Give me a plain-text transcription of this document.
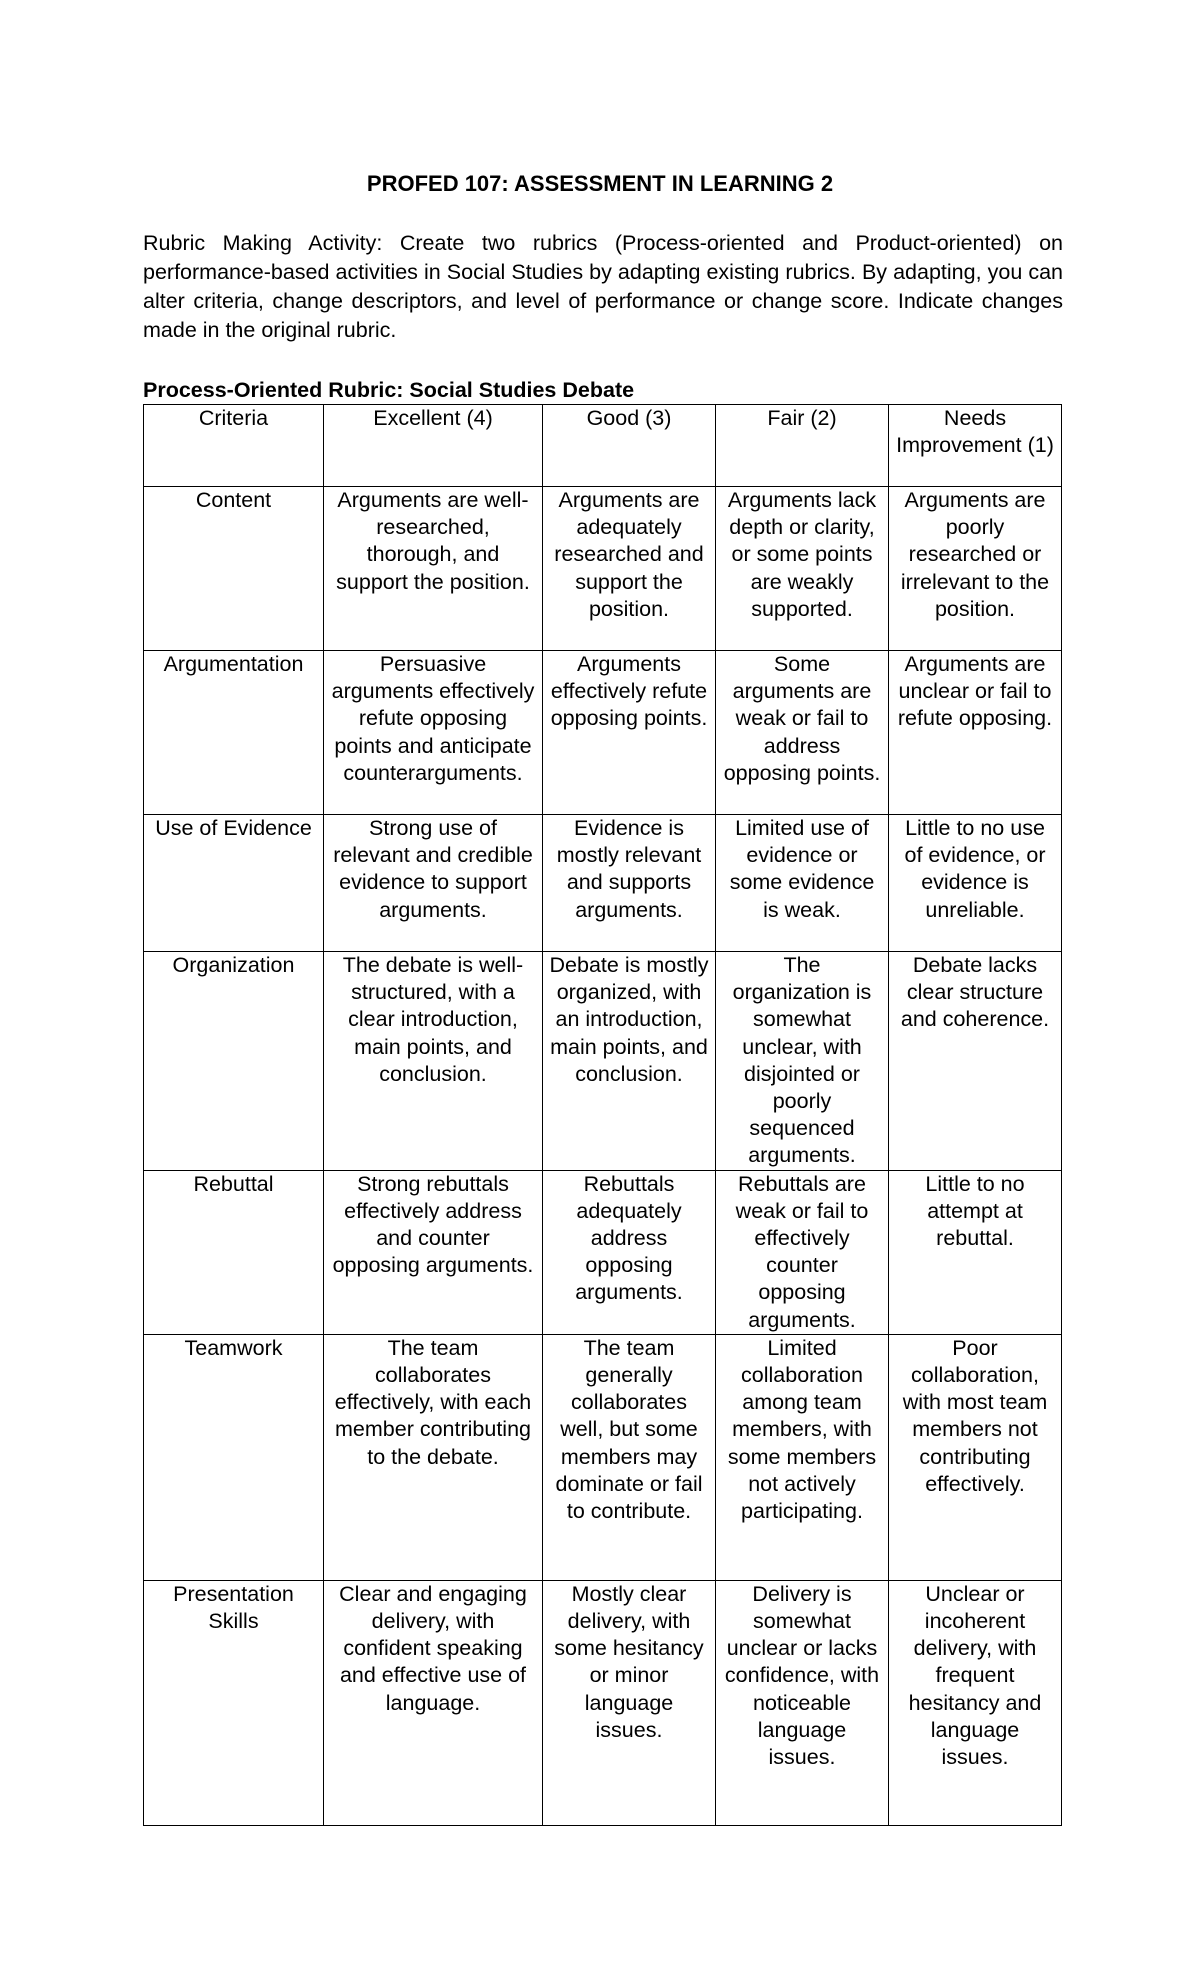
PROFED 107: ASSESSMENT IN LEARNING 2
Rubric Making Activity: Create two rubrics (Process-oriented and Product-oriented) on performance-based activities in Social Studies by adapting existing rubrics. By adapting, you can alter criteria, change descriptors, and level of performance or change score. Indicate changes made in the original rubric.
Process-Oriented Rubric: Social Studies Debate
Criteria	Excellent (4)	Good (3)	Fair (2)	Needs Improvement (1)
Content	Arguments are well-researched, thorough, and support the position.	Arguments are adequately researched and support the position.	Arguments lack depth or clarity, or some points are weakly supported.	Arguments are poorly researched or irrelevant to the position.
Argumentation	Persuasive arguments effectively refute opposing points and anticipate counterarguments.	Arguments effectively refute opposing points.	Some arguments are weak or fail to address opposing points.	Arguments are unclear or fail to refute opposing.
Use of Evidence	Strong use of relevant and credible evidence to support arguments.	Evidence is mostly relevant and supports arguments.	Limited use of evidence or some evidence is weak.	Little to no use of evidence, or evidence is unreliable.
Organization	The debate is well-structured, with a clear introduction, main points, and conclusion.	Debate is mostly organized, with an introduction, main points, and conclusion.	The organization is somewhat unclear, with disjointed or poorly sequenced arguments.	Debate lacks clear structure and coherence.
Rebuttal	Strong rebuttals effectively address and counter opposing arguments.	Rebuttals adequately address opposing arguments.	Rebuttals are weak or fail to effectively counter opposing arguments.	Little to no attempt at rebuttal.
Teamwork	The team collaborates effectively, with each member contributing to the debate.	The team generally collaborates well, but some members may dominate or fail to contribute.	Limited collaboration among team members, with some members not actively participating.	Poor collaboration, with most team members not contributing effectively.
Presentation Skills	Clear and engaging delivery, with confident speaking and effective use of language.	Mostly clear delivery, with some hesitancy or minor language issues.	Delivery is somewhat unclear or lacks confidence, with noticeable language issues.	Unclear or incoherent delivery, with frequent hesitancy and language issues.
